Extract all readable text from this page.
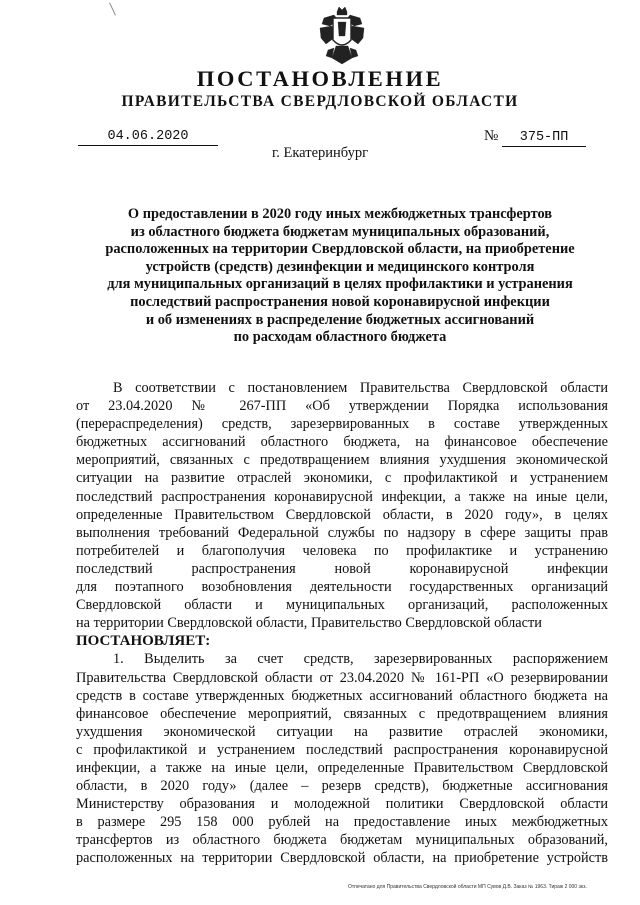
ПОСТАНОВЛЕНИЕ
ПРАВИТЕЛЬСТВА СВЕРДЛОВСКОЙ ОБЛАСТИ
04.06.2020	№ 375-ПП
г. Екатеринбург
О предоставлении в 2020 году иных межбюджетных трансфертов
из областного бюджета бюджетам муниципальных образований,
расположенных на территории Свердловской области, на приобретение
устройств (средств) дезинфекции и медицинского контроля
для муниципальных организаций в целях профилактики и устранения
последствий распространения новой коронавирусной инфекции
и об изменениях в распределение бюджетных ассигнований
по расходам областного бюджета
В соответствии с постановлением Правительства Свердловской области
от 23.04.2020 № 267-ПП «Об утверждении Порядка использования
(перераспределения) средств, зарезервированных в составе утвержденных
бюджетных ассигнований областного бюджета, на финансовое обеспечение
мероприятий, связанных с предотвращением влияния ухудшения экономической
ситуации на развитие отраслей экономики, с профилактикой и устранением
последствий распространения коронавирусной инфекции, а также на иные цели,
определенные Правительством Свердловской области, в 2020 году», в целях
выполнения требований Федеральной службы по надзору в сфере защиты прав
потребителей и благополучия человека по профилактике и устранению
последствий распространения новой коронавирусной инфекции
для поэтапного возобновления деятельности государственных организаций
Свердловской области и муниципальных организаций, расположенных
на территории Свердловской области, Правительство Свердловской области
ПОСТАНОВЛЯЕТ:
1. Выделить за счет средств, зарезервированных распоряжением
Правительства Свердловской области от 23.04.2020 № 161-РП «О резервировании
средств в составе утвержденных бюджетных ассигнований областного бюджета на
финансовое обеспечение мероприятий, связанных с предотвращением влияния
ухудшения экономической ситуации на развитие отраслей экономики,
с профилактикой и устранением последствий распространения коронавирусной
инфекции, а также на иные цели, определенные Правительством Свердловской
области, в 2020 году» (далее – резерв средств), бюджетные ассигнования
Министерству образования и молодежной политики Свердловской области
в размере 295 158 000 рублей на предоставление иных межбюджетных
трансфертов из областного бюджета бюджетам муниципальных образований,
расположенных на территории Свердловской области, на приобретение устройств
Отпечатано для Правительства Свердловской области МП Сувов Д.В. Заказ № 1963. Тираж 2 000 экз.
